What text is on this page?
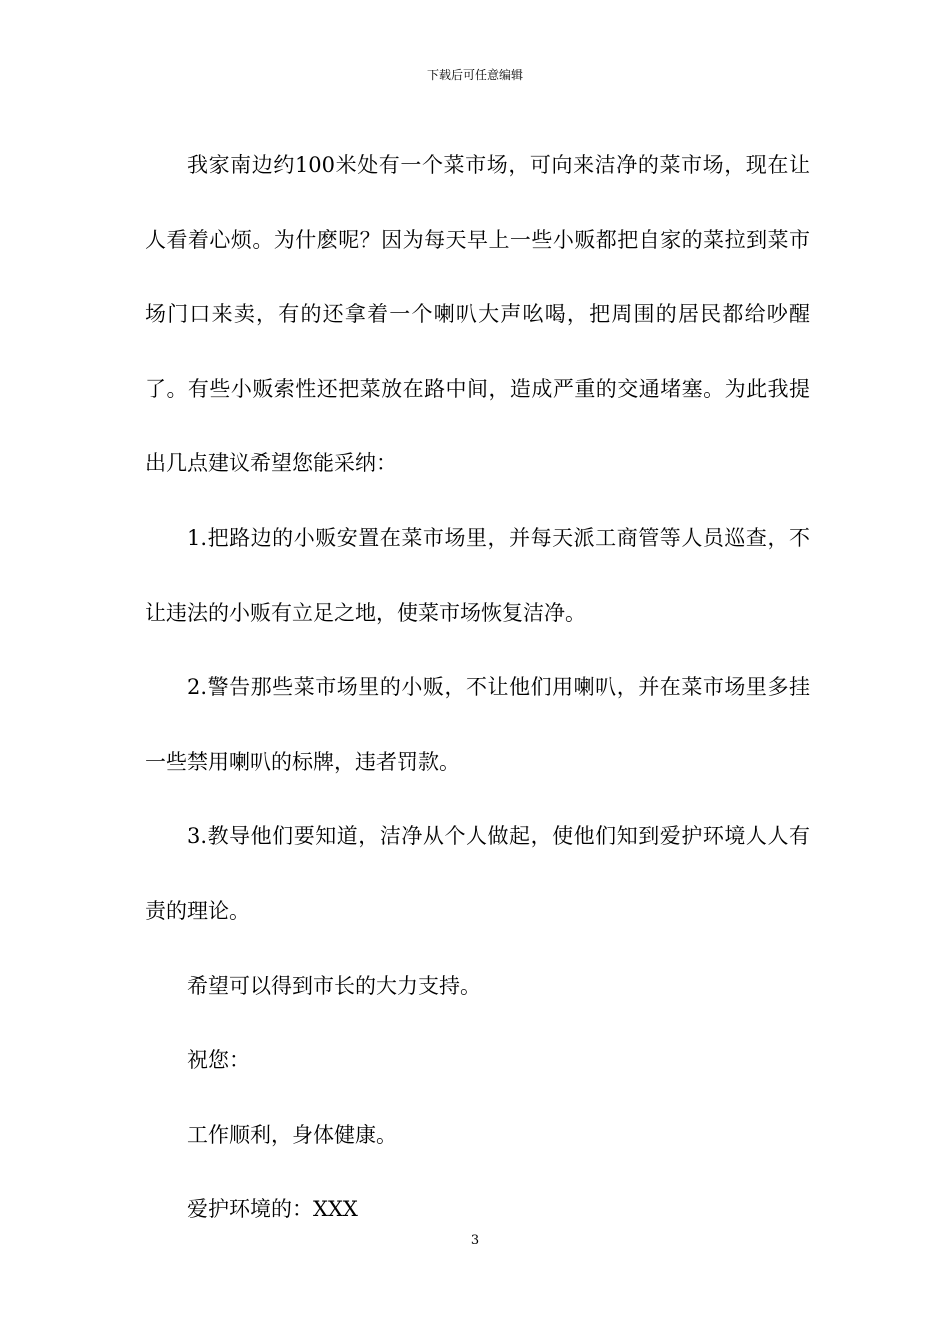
下载后可任意编辑

我家南边约100米处有一个菜市场，可向来洁净的菜市场，现在让人看着心烦。为什麽呢？因为每天早上一些小贩都把自家的菜拉到菜市场门口来卖，有的还拿着一个喇叭大声吆喝，把周围的居民都给吵醒了。有些小贩索性还把菜放在路中间，造成严重的交通堵塞。为此我提出几点建议希望您能采纳：

1.把路边的小贩安置在菜市场里，并每天派工商管等人员巡查，不让违法的小贩有立足之地，使菜市场恢复洁净。

2.警告那些菜市场里的小贩，不让他们用喇叭，并在菜市场里多挂一些禁用喇叭的标牌，违者罚款。

3.教导他们要知道，洁净从个人做起，使他们知到爱护环境人人有责的理论。

希望可以得到市长的大力支持。

祝您：

工作顺利，身体健康。

爱护环境的：XXX

3
